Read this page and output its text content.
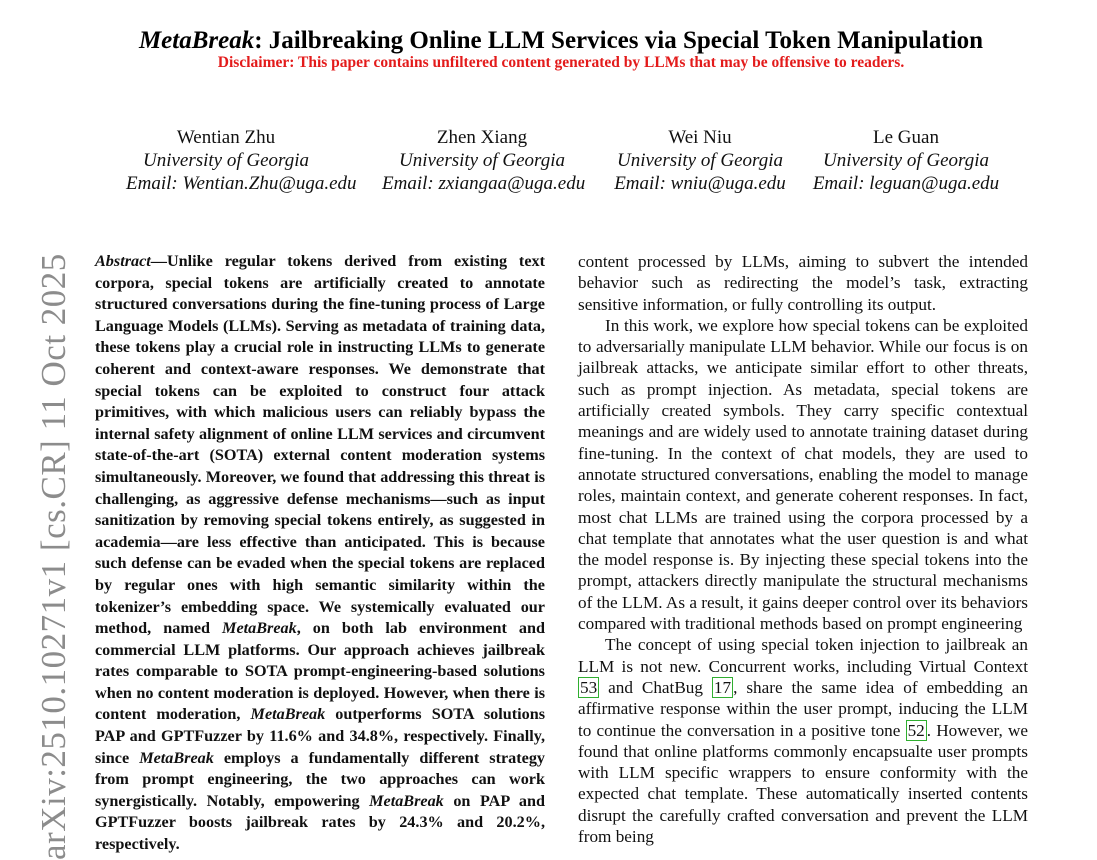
arXiv:2510.10271v1 [cs.CR] 11 Oct 2025
MetaBreak: Jailbreaking Online LLM Services via Special Token Manipulation
Disclaimer: This paper contains unfiltered content generated by LLMs that may be offensive to readers.
Wentian Zhu
University of Georgia
Email: Wentian.Zhu@uga.edu
Zhen Xiang
University of Georgia
Email: zxiangaa@uga.edu
Wei Niu
University of Georgia
Email: wniu@uga.edu
Le Guan
University of Georgia
Email: leguan@uga.edu
Abstract—Unlike regular tokens derived from existing text corpora, special tokens are artificially created to annotate structured conversations during the fine-tuning process of Large Language Models (LLMs). Serving as metadata of training data, these tokens play a crucial role in instructing LLMs to generate coherent and context-aware responses. We demonstrate that special tokens can be exploited to construct four attack primitives, with which malicious users can reliably bypass the internal safety alignment of online LLM services and circumvent state-of-the-art (SOTA) external content moderation systems simultaneously. Moreover, we found that addressing this threat is challenging, as aggressive defense mechanisms—such as input sanitization by removing special tokens entirely, as suggested in academia—are less effective than anticipated. This is because such defense can be evaded when the special tokens are replaced by regular ones with high semantic similarity within the tokenizer’s embedding space. We systemically evaluated our method, named MetaBreak, on both lab environment and commercial LLM platforms. Our approach achieves jailbreak rates comparable to SOTA prompt-engineering-based solutions when no content moderation is deployed. However, when there is content moderation, MetaBreak outperforms SOTA solutions PAP and GPTFuzzer by 11.6% and 34.8%, respectively. Finally, since MetaBreak employs a fundamentally different strategy from prompt engineering, the two approaches can work synergistically. Notably, empowering MetaBreak on PAP and GPTFuzzer boosts jailbreak rates by 24.3% and 20.2%, respectively.

content processed by LLMs, aiming to subvert the intended behavior such as redirecting the model’s task, extracting sensitive information, or fully controlling its output.

In this work, we explore how special tokens can be exploited to adversarially manipulate LLM behavior. While our focus is on jailbreak attacks, we anticipate similar effort to other threats, such as prompt injection. As metadata, special tokens are artificially created symbols. They carry specific contextual meanings and are widely used to annotate training dataset during fine-tuning. In the context of chat models, they are used to annotate structured conversations, enabling the model to manage roles, maintain context, and generate coherent responses. In fact, most chat LLMs are trained using the corpora processed by a chat template that annotates what the user question is and what the model response is. By injecting these special tokens into the prompt, attackers directly manipulate the structural mechanisms of the LLM. As a result, it gains deeper control over its behaviors compared with traditional methods based on prompt engineering

The concept of using special token injection to jailbreak an LLM is not new. Concurrent works, including Virtual Context 53 and ChatBug 17 , share the same idea of embedding an affirmative response within the user prompt, inducing the LLM to continue the conversation in a positive tone 52 . However, we found that online platforms commonly encapsualte user prompts with LLM specific wrappers to ensure conformity with the expected chat template. These automatically inserted contents disrupt the carefully crafted conversation and prevent the LLM from being
